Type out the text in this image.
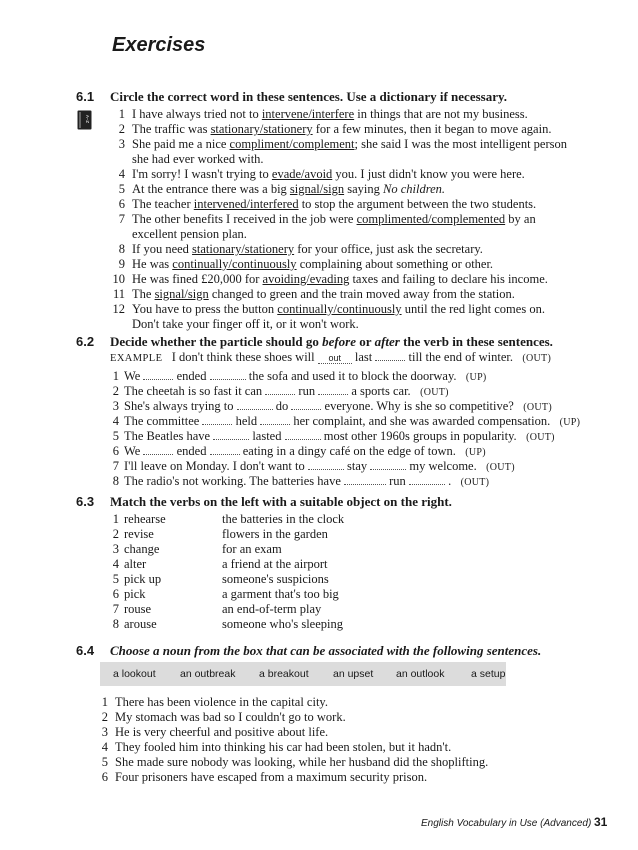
Exercises
6.1 Circle the correct word in these sentences. Use a dictionary if necessary.
A–Z	1 I have always tried not to intervene/interfere in things that are not my business.
2 The traffic was stationary/stationery for a few minutes, then it began to move again.
3 She paid me a nice compliment/complement; she said I was the most intelligent person
she had ever worked with.
4 I'm sorry! I wasn't trying to evade/avoid you. I just didn't know you were here.
5 At the entrance there was a big signal/sign saying No children.
6 The teacher intervened/interfered to stop the argument between the two students.
7 The other benefits I received in the job were complimented/complemented by an
excellent pension plan.
8 If you need stationary/stationery for your office, just ask the secretary.
9 He was continually/continuously complaining about something or other.
10 He was fined £20,000 for avoiding/evading taxes and failing to declare his income.
11 The signal/sign changed to green and the train moved away from the station.
12 You have to press the button continually/continuously until the red light comes on.
Don't take your finger off it, or it won't work.
6.2 Decide whether the particle should go before or after the verb in these sentences.
EXAMPLE I don't think these shoes will out last	till the end of winter. (OUT)
1 We	ended	the sofa and used it to block the doorway. (UP)
2 The cheetah is so fast it can	run	a sports car. (OUT)
3 She's always trying to	do	everyone. Why is she so competitive? (OUT)
4 The committee	held	her complaint, and she was awarded compensation. (UP)
5 The Beatles have	lasted	most other 1960s groups in popularity. (OUT)
6 We	ended	eating in a dingy café on the edge of town. (UP)
7 I'll leave on Monday. I don't want to	stay	my welcome. (OUT)
8 The radio's not working. The batteries have	run	. (OUT)
6.3 Match the verbs on the left with a suitable object on the right.
1 rehearse	the batteries in the clock
2 revise	flowers in the garden
3 change	for an exam
4 alter	a friend at the airport
5 pick up	someone's suspicions
6 pick	a garment that's too big
7 rouse	an end-of-term play
8 arouse	someone who's sleeping
6.4 Choose a noun from the box that can be associated with the following sentences.
a lookout an outbreak a breakout an upset an outlook	a setup
1 There has been violence in the capital city.
2 My stomach was bad so I couldn't go to work.
3 He is very cheerful and positive about life.
4 They fooled him into thinking his car had been stolen, but it hadn't.
5 She made sure nobody was looking, while her husband did the shoplifting.
6 Four prisoners have escaped from a maximum security prison.
English Vocabulary in Use (Advanced) 31
